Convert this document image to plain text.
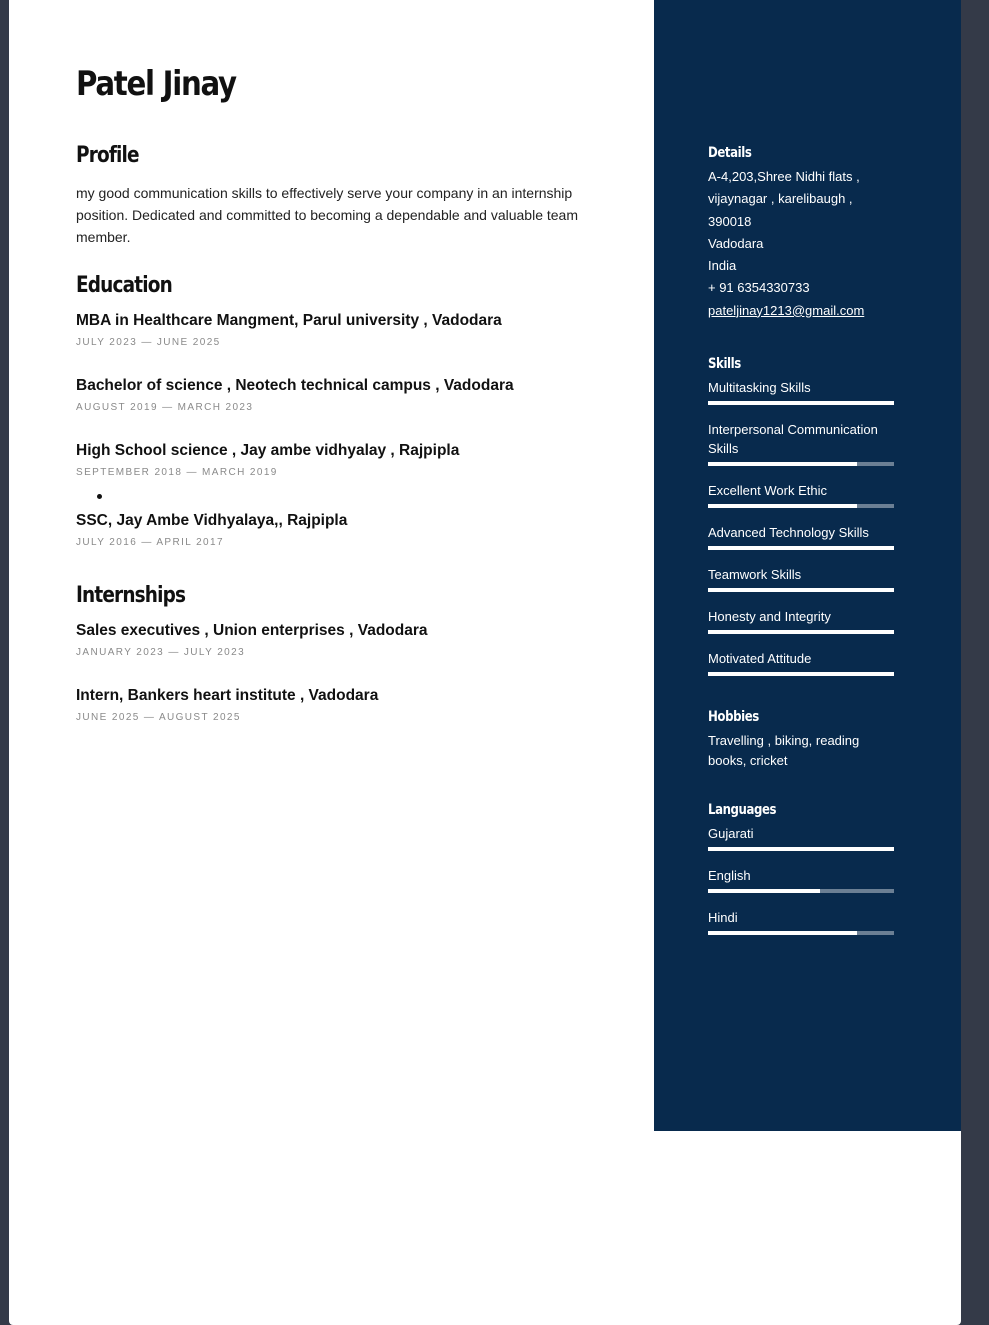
Patel Jinay
Profile

my good communication skills to effectively serve your company in an internship position. Dedicated and committed to becoming a dependable and valuable team member.

Education
MBA in Healthcare Mangment, Parul university , Vadodara
JULY 2023 — JUNE 2025
Bachelor of science , Neotech technical campus , Vadodara
AUGUST 2019 — MARCH 2023
High School science , Jay ambe vidhyalay , Rajpipla
SEPTEMBER 2018 — MARCH 2019
SSC, Jay Ambe Vidhyalaya,, Rajpipla
JULY 2016 — APRIL 2017
Internships
Sales executives , Union enterprises , Vadodara
JANUARY 2023 — JULY 2023
Intern, Bankers heart institute , Vadodara
JUNE 2025 — AUGUST 2025
Details
A-4,203,Shree Nidhi flats ,
vijaynagar , karelibaugh ,
390018
Vadodara
India
+ 91 6354330733
pateljinay1213@gmail.com
Skills
Multitasking Skills
Interpersonal Communication Skills
Excellent Work Ethic
Advanced Technology Skills
Teamwork Skills
Honesty and Integrity
Motivated Attitude
Hobbies
Travelling , biking, reading books, cricket
Languages
Gujarati
English
Hindi
